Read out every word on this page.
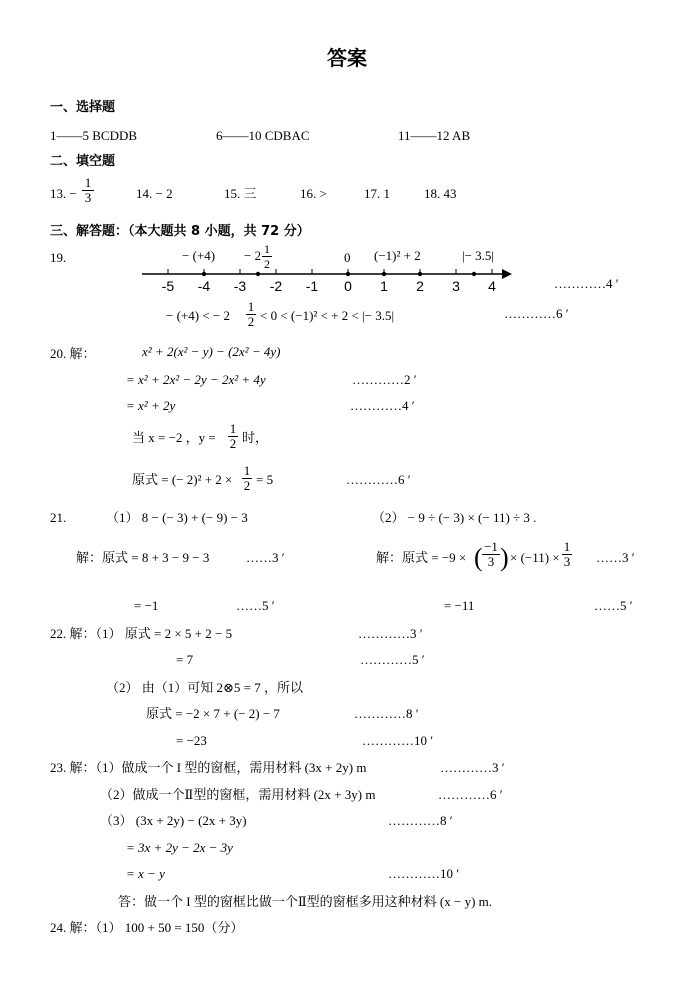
答案
一、选择题
1——5 BCDDB	6——10 CDBAC	11——12 AB
二、填空题
13. − $\frac{1}{3}$	14. − 2	15. 三	16. >	17. 1	18. 43
三、解答题：（本大题共 8 小题，共 72 分）
19.	− $(+4) - 2 \frac{1}{2}$	0 (−1)² + 2	|− 3.5|
-5 -4 -3 -2 -1 0 1 2 3 4	…………4 ′
− (+4) < − $2 \frac{1}{2} < 0 < (-1)^2$ < + 2 < |− 3.5|	…………6 ′
20. 解：	x² + 2(x² − y) − (2x² − 4y)
= x² + 2x² − 2y − 2x² + 4y	…………2 ′
= x² + 2y	…………4 ′
当 x = −2 ，$y = \frac{1}{2}$ 时，
原式 = (− $2)^2 + 2 \times \frac{1}{2} = 5$	…………6 ′
21.	（1） 8 − (− 3) + (− 9) − 3	（2） − 9 ÷ (− 3) × (− 11) ÷ 3 .
解：原式 = 8 + 3 − 9 − 3	……3 ′	解：原式 = −9 × ( $\frac{-1}{3}$ ) × $(-11) \times \frac{1}{3}$ ……3 ′
= −1	……5 ′	= −11	……5 ′
22. 解：（1） 原式 = 2 × 5 + 2 − 5	…………3 ′
= 7	…………5 ′
（2） 由（1）可知 2⊗5 = 7 ，所以
原式 = −2 × 7 + (− 2) − 7	…………8 ′
= −23	…………10 ′
23. 解：（1）做成一个 I 型的窗框，需用材料 (3x + 2y) m	…………3 ′
（2）做成一个Ⅱ型的窗框，需用材料 (2x + 3y) m	…………6 ′
（3） (3x + 2y) − (2x + 3y)	…………8 ′
= 3x + 2y − 2x − 3y
= x − y	…………10 ′
答：做一个 I 型的窗框比做一个Ⅱ型的窗框多用这种材料 (x − y) m.
24. 解：（1） 100 + 50 = 150（分）
